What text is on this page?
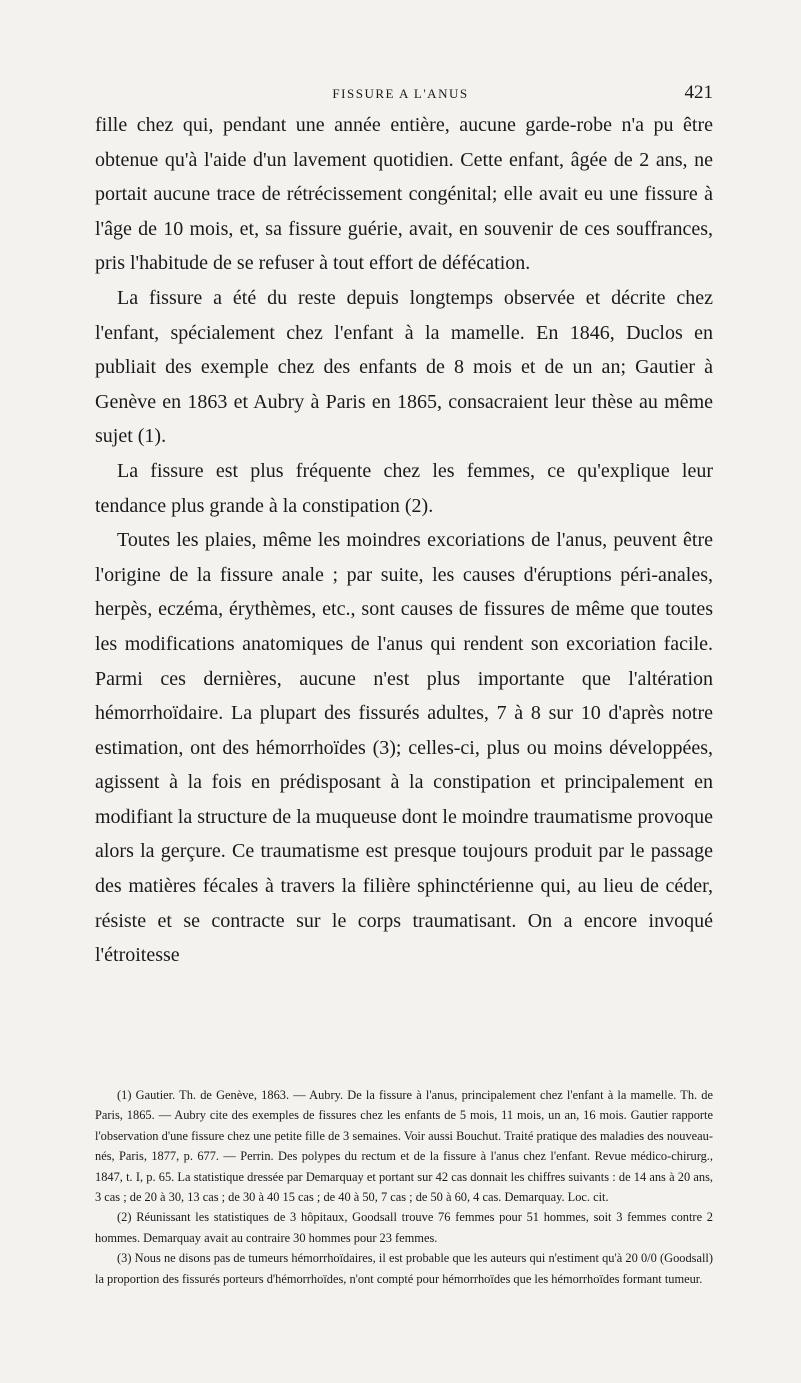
FISSURE A L'ANUS	421

fille chez qui, pendant une année entière, aucune garde-robe n'a pu être obtenue qu'à l'aide d'un lavement quotidien. Cette enfant, âgée de 2 ans, ne portait aucune trace de rétrécissement congénital; elle avait eu une fissure à l'âge de 10 mois, et, sa fissure guérie, avait, en souvenir de ces souffrances, pris l'habitude de se refuser à tout effort de défécation.

La fissure a été du reste depuis longtemps observée et décrite chez l'enfant, spécialement chez l'enfant à la mamelle. En 1846, Duclos en publiait des exemple chez des enfants de 8 mois et de un an; Gautier à Genève en 1863 et Aubry à Paris en 1865, consacraient leur thèse au même sujet (1).

La fissure est plus fréquente chez les femmes, ce qu'explique leur tendance plus grande à la constipation (2).

Toutes les plaies, même les moindres excoriations de l'anus, peuvent être l'origine de la fissure anale ; par suite, les causes d'éruptions péri-anales, herpès, eczéma, érythèmes, etc., sont causes de fissures de même que toutes les modifications anatomiques de l'anus qui rendent son excoriation facile. Parmi ces dernières, aucune n'est plus importante que l'altération hémorrhoïdaire. La plupart des fissurés adultes, 7 à 8 sur 10 d'après notre estimation, ont des hémorrhoïdes (3); celles-ci, plus ou moins développées, agissent à la fois en prédisposant à la constipation et principalement en modifiant la structure de la muqueuse dont le moindre traumatisme provoque alors la gerçure. Ce traumatisme est presque toujours produit par le passage des matières fécales à travers la filière sphinctérienne qui, au lieu de céder, résiste et se contracte sur le corps traumatisant. On a encore invoqué l'étroitesse

(1) Gautier. Th. de Genève, 1863. — Aubry. De la fissure à l'anus, principalement chez l'enfant à la mamelle. Th. de Paris, 1865. — Aubry cite des exemples de fissures chez les enfants de 5 mois, 11 mois, un an, 16 mois. Gautier rapporte l'observation d'une fissure chez une petite fille de 3 semaines. Voir aussi Bouchut. Traité pratique des maladies des nouveau-nés, Paris, 1877, p. 677. — Perrin. Des polypes du rectum et de la fissure à l'anus chez l'enfant. Revue médico-chirurg., 1847, t. I, p. 65. La statistique dressée par Demarquay et portant sur 42 cas donnait les chiffres suivants : de 14 ans à 20 ans, 3 cas ; de 20 à 30, 13 cas ; de 30 à 40 15 cas ; de 40 à 50, 7 cas ; de 50 à 60, 4 cas. Demarquay. Loc. cit.

(2) Réunissant les statistiques de 3 hôpitaux, Goodsall trouve 76 femmes pour 51 hommes, soit 3 femmes contre 2 hommes. Demarquay avait au contraire 30 hommes pour 23 femmes.

(3) Nous ne disons pas de tumeurs hémorrhoïdaires, il est probable que les auteurs qui n'estiment qu'à 20 0/0 (Goodsall) la proportion des fissurés porteurs d'hémorrhoïdes, n'ont compté pour hémorrhoïdes que les hémorrhoïdes formant tumeur.
